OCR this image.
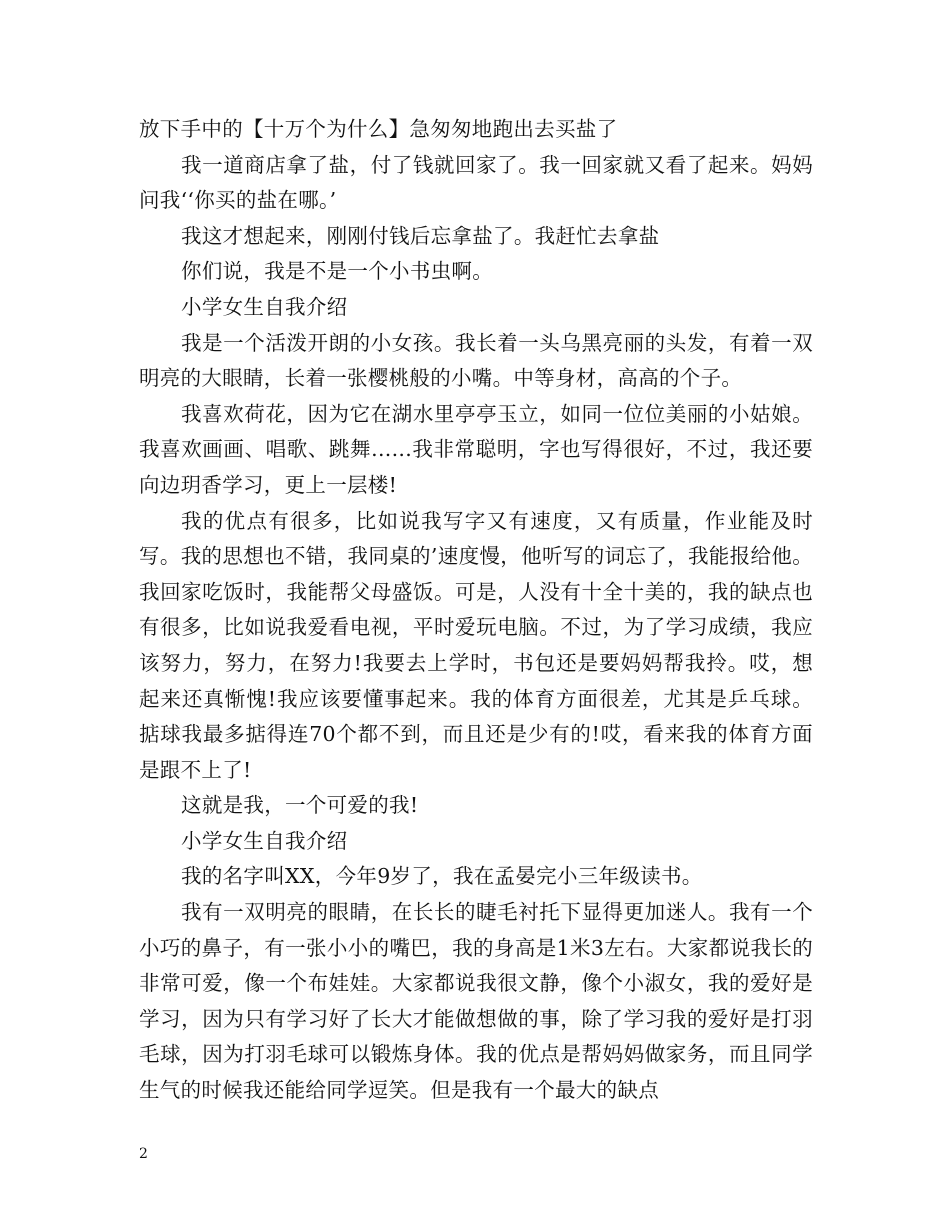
放下手中的【十万个为什么】急匆匆地跑出去买盐了

我一道商店拿了盐，付了钱就回家了。我一回家就又看了起来。妈妈问我‘‘你买的盐在哪。’

我这才想起来，刚刚付钱后忘拿盐了。我赶忙去拿盐

你们说，我是不是一个小书虫啊。

小学女生自我介绍

我是一个活泼开朗的小女孩。我长着一头乌黑亮丽的头发，有着一双明亮的大眼睛，长着一张樱桃般的小嘴。中等身材，高高的个子。

我喜欢荷花，因为它在湖水里亭亭玉立，如同一位位美丽的小姑娘。我喜欢画画、唱歌、跳舞......我非常聪明，字也写得很好，不过，我还要向边玥香学习，更上一层楼!

我的优点有很多，比如说我写字又有速度，又有质量，作业能及时写。我的思想也不错，我同桌的’速度慢，他听写的词忘了，我能报给他。我回家吃饭时，我能帮父母盛饭。可是，人没有十全十美的，我的缺点也有很多，比如说我爱看电视，平时爱玩电脑。不过，为了学习成绩，我应该努力，努力，在努力!我要去上学时，书包还是要妈妈帮我拎。哎，想起来还真惭愧!我应该要懂事起来。我的体育方面很差，尤其是乒乓球。掂球我最多掂得连70个都不到，而且还是少有的!哎，看来我的体育方面是跟不上了!

这就是我，一个可爱的我!

小学女生自我介绍

我的名字叫XX，今年9岁了，我在孟晏完小三年级读书。

我有一双明亮的眼睛，在长长的睫毛衬托下显得更加迷人。我有一个小巧的鼻子，有一张小小的嘴巴，我的身高是1米3左右。大家都说我长的非常可爱，像一个布娃娃。大家都说我很文静，像个小淑女，我的爱好是学习，因为只有学习好了长大才能做想做的事，除了学习我的爱好是打羽毛球，因为打羽毛球可以锻炼身体。我的优点是帮妈妈做家务，而且同学生气的时候我还能给同学逗笑。但是我有一个最大的缺点

2
